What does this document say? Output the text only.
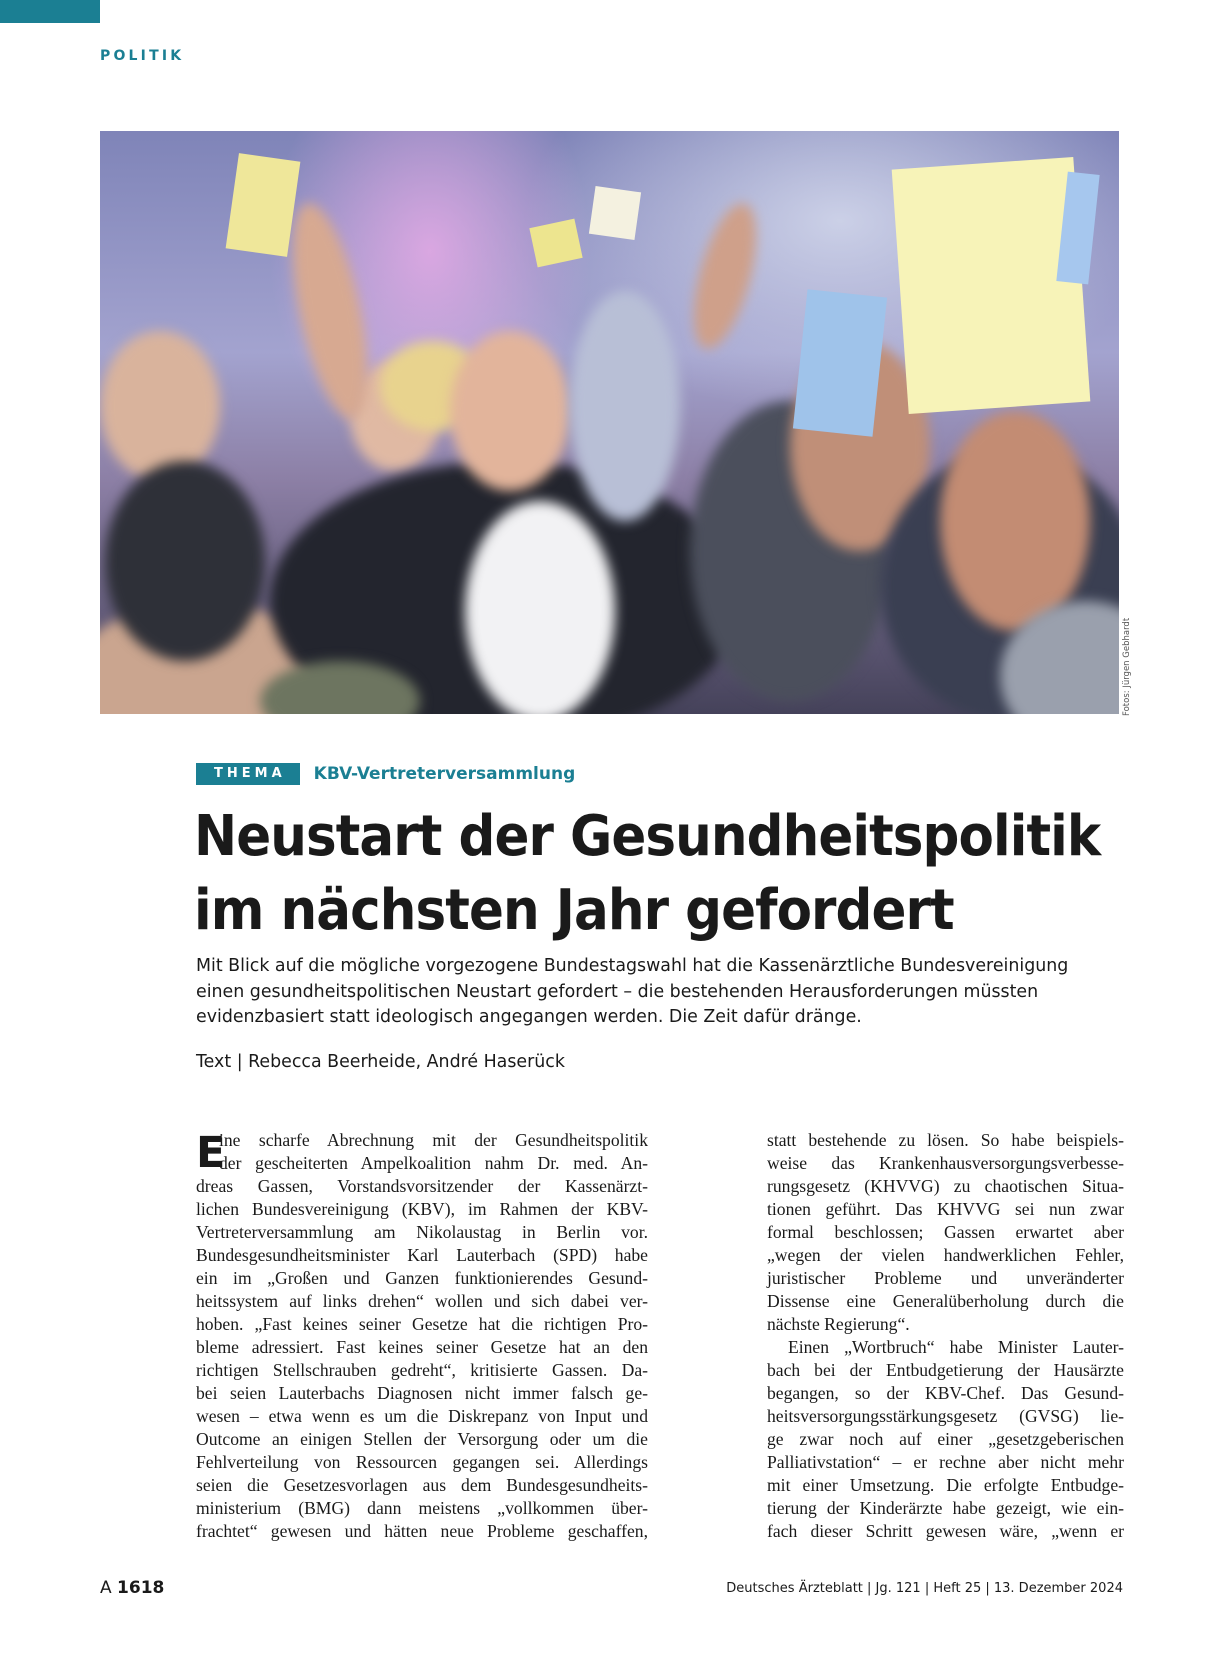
POLITIK
Fotos: Jürgen Gebhardt
THEMA	KBV-Vertreterversammlung
Neustart der Gesundheitspolitik
im nächsten Jahr gefordert

Mit Blick auf die mögliche vorgezogene Bundestagswahl hat die Kassenärztliche Bundesvereinigung
einen gesundheitspolitischen Neustart gefordert – die bestehenden Herausforderungen müssten
evidenzbasiert statt ideologisch angegangen werden. Die Zeit dafür dränge.

Text | Rebecca Beerheide, André Haserück
E
ine scharfe Abrechnung mit der Gesundheitspolitik
der gescheiterten Ampelkoalition nahm Dr. med. An-
dreas Gassen, Vorstandsvorsitzender der Kassenärzt-
lichen Bundesvereinigung (KBV), im Rahmen der KBV-
Vertreterversammlung am Nikolaustag in Berlin vor.
Bundesgesundheitsminister Karl Lauterbach (SPD) habe
ein im „Großen und Ganzen funktionierendes Gesund-
heitssystem auf links drehen“ wollen und sich dabei ver-
hoben. „Fast keines seiner Gesetze hat die richtigen Pro-
bleme adressiert. Fast keines seiner Gesetze hat an den
richtigen Stellschrauben gedreht“, kritisierte Gassen. Da-
bei seien Lauterbachs Diagnosen nicht immer falsch ge-
wesen – etwa wenn es um die Diskrepanz von Input und
Outcome an einigen Stellen der Versorgung oder um die
Fehlverteilung von Ressourcen gegangen sei. Allerdings
seien die Gesetzesvorlagen aus dem Bundesgesundheits-
ministerium (BMG) dann meistens „vollkommen über-
frachtet“ gewesen und hätten neue Probleme geschaffen,
statt bestehende zu lösen. So habe beispiels-
weise das Krankenhausversorgungsverbesse-
rungsgesetz (KHVVG) zu chaotischen Situa-
tionen geführt. Das KHVVG sei nun zwar
formal beschlossen; Gassen erwartet aber
„wegen der vielen handwerklichen Fehler,
juristischer Probleme und unveränderter
Dissense eine Generalüberholung durch die
nächste Regierung“.
Einen „Wortbruch“ habe Minister Lauter-
bach bei der Entbudgetierung der Hausärzte
begangen, so der KBV-Chef. Das Gesund-
heitsversorgungsstärkungsgesetz (GVSG) lie-
ge zwar noch auf einer „gesetzgeberischen
Palliativstation“ – er rechne aber nicht mehr
mit einer Umsetzung. Die erfolgte Entbudge-
tierung der Kinderärzte habe gezeigt, wie ein-
fach dieser Schritt gewesen wäre, „wenn er
A 1618	Deutsches Ärzteblatt | Jg. 121 | Heft 25 | 13. Dezember 2024
